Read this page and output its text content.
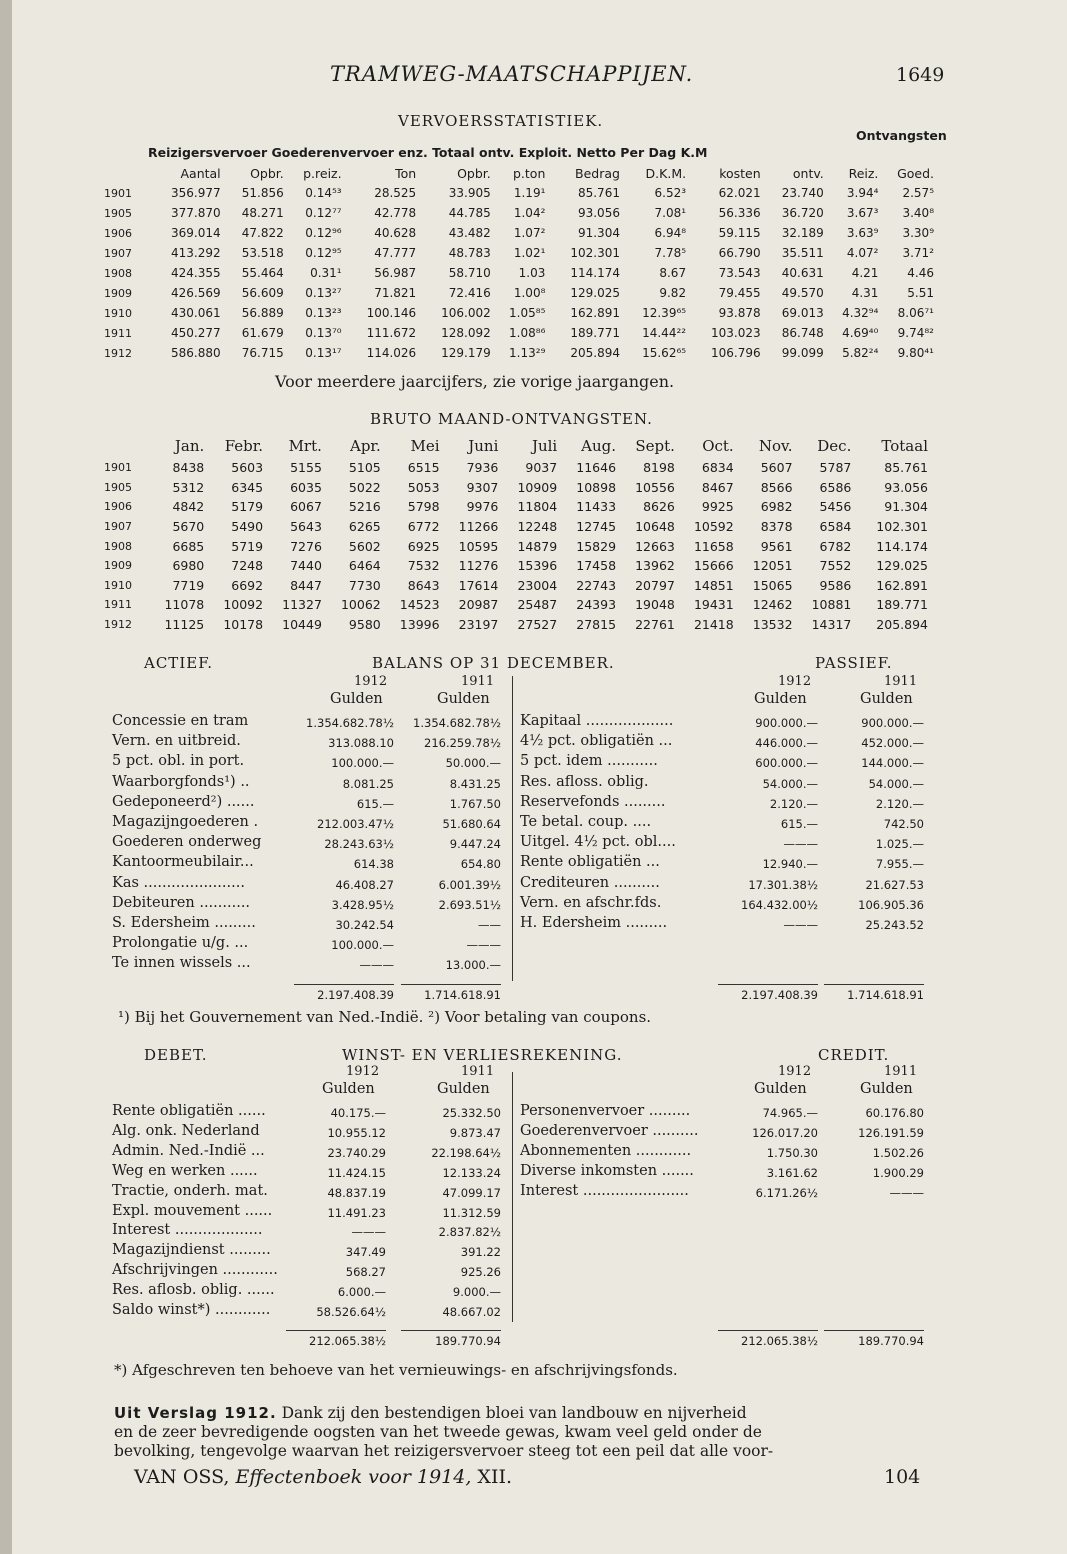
TRAMWEG-MAATSCHAPPIJEN.	1649
VERVOERSSTATISTIEK.
Ontvangsten
Reizigersvervoer Goederenvervoer enz. Totaal ontv. Exploit. Netto Per Dag K.M
	Aantal	Opbr.	p.reiz.	Ton	Opbr.	p.ton	Bedrag	D.K.M.	kosten	ontv.	Reiz.	Goed.
1901	356.977	51.856	0.14⁵³	28.525	33.905	1.19¹	85.761	6.52³	62.021	23.740	3.94⁴	2.57⁵
1905	377.870	48.271	0.12⁷⁷	42.778	44.785	1.04²	93.056	7.08¹	56.336	36.720	3.67³	3.40⁸
1906	369.014	47.822	0.12⁹⁶	40.628	43.482	1.07²	91.304	6.94⁸	59.115	32.189	3.63⁹	3.30⁹
1907	413.292	53.518	0.12⁹⁵	47.777	48.783	1.02¹	102.301	7.78⁵	66.790	35.511	4.07²	3.71²
1908	424.355	55.464	0.31¹	56.987	58.710	1.03	114.174	8.67	73.543	40.631	4.21	4.46
1909	426.569	56.609	0.13²⁷	71.821	72.416	1.00⁸	129.025	9.82	79.455	49.570	4.31	5.51
1910	430.061	56.889	0.13²³	100.146	106.002	1.05⁸⁵	162.891	12.39⁶⁵	93.878	69.013	4.32⁹⁴	8.06⁷¹
1911	450.277	61.679	0.13⁷⁰	111.672	128.092	1.08⁸⁶	189.771	14.44²²	103.023	86.748	4.69⁴⁰	9.74⁸²
1912	586.880	76.715	0.13¹⁷	114.026	129.179	1.13²⁹	205.894	15.62⁶⁵	106.796	99.099	5.82²⁴	9.80⁴¹
Voor meerdere jaarcijfers, zie vorige jaargangen.
BRUTO MAAND-ONTVANGSTEN.
	Jan.	Febr.	Mrt.	Apr.	Mei	Juni	Juli	Aug.	Sept.	Oct.	Nov.	Dec.	Totaal
1901	8438	5603	5155	5105	6515	7936	9037	11646	8198	6834	5607	5787	85.761
1905	5312	6345	6035	5022	5053	9307	10909	10898	10556	8467	8566	6586	93.056
1906	4842	5179	6067	5216	5798	9976	11804	11433	8626	9925	6982	5456	91.304
1907	5670	5490	5643	6265	6772	11266	12248	12745	10648	10592	8378	6584	102.301
1908	6685	5719	7276	5602	6925	10595	14879	15829	12663	11658	9561	6782	114.174
1909	6980	7248	7440	6464	7532	11276	15396	17458	13962	15666	12051	7552	129.025
1910	7719	6692	8447	7730	8643	17614	23004	22743	20797	14851	15065	9586	162.891
1911	11078	10092	11327	10062	14523	20987	25487	24393	19048	19431	12462	10881	189.771
1912	11125	10178	10449	9580	13996	23197	27527	27815	22761	21418	13532	14317	205.894
ACTIEF.	BALANS OP 31 DECEMBER.	PASSIEF.
1912	1911	1912	1911
Gulden	Gulden	Gulden	Gulden
Concessie en tram	1.354.682.78½	1.354.682.78½
Vern. en uitbreid.	313.088.10	216.259.78½
5 pct. obl. in port.	100.000.—	50.000.—
Waarborgfonds¹) ..	8.081.25	8.431.25
Gedeponeerd²) ......	615.—	1.767.50
Magazijngoederen .	212.003.47½	51.680.64
Goederen onderweg	28.243.63½	9.447.24
Kantoormeubilair...	614.38	654.80
Kas ......................	46.408.27	6.001.39½
Debiteuren ...........	3.428.95½	2.693.51½
S. Edersheim .........	30.242.54	——
Prolongatie u/g. ...	100.000.—	———
Te innen wissels ...	———	13.000.—
Kapitaal ...................	900.000.—	900.000.—
4½ pct. obligatiën ...	446.000.—	452.000.—
5 pct. idem ...........	600.000.—	144.000.—
Res. afloss. oblig.	54.000.—	54.000.—
Reservefonds .........	2.120.—	2.120.—
Te betal. coup. ....	615.—	742.50
Uitgel. 4½ pct. obl....	———	1.025.—
Rente obligatiën ...	12.940.—	7.955.—
Crediteuren ..........	17.301.38½	21.627.53
Vern. en afschr.fds.	164.432.00½	106.905.36
H. Edersheim .........	———	25.243.52
2.197.408.39	1.714.618.91	2.197.408.39	1.714.618.91
¹) Bij het Gouvernement van Ned.-Indië. ²) Voor betaling van coupons.
DEBET.	WINST- EN VERLIESREKENING.	CREDIT.
1912	1911	1912	1911
Gulden	Gulden	Gulden	Gulden
Rente obligatiën ......	40.175.—	25.332.50
Alg. onk. Nederland	10.955.12	9.873.47
Admin. Ned.-Indië ...	23.740.29	22.198.64½
Weg en werken ......	11.424.15	12.133.24
Tractie, onderh. mat.	48.837.19	47.099.17
Expl. mouvement ......	11.491.23	11.312.59
Interest ...................	———	2.837.82½
Magazijndienst .........	347.49	391.22
Afschrijvingen ............	568.27	925.26
Res. aflosb. oblig. ......	6.000.—	9.000.—
Saldo winst*) ............	58.526.64½	48.667.02
Personenvervoer .........	74.965.—	60.176.80
Goederenvervoer ..........	126.017.20	126.191.59
Abonnementen ............	1.750.30	1.502.26
Diverse inkomsten .......	3.161.62	1.900.29
Interest .......................	6.171.26½	———
212.065.38½	189.770.94	212.065.38½	189.770.94
*) Afgeschreven ten behoeve van het vernieuwings- en afschrijvingsfonds.
Uit Verslag 1912. Dank zij den bestendigen bloei van landbouw en nijverheid
en de zeer bevredigende oogsten van het tweede gewas, kwam veel geld onder de
bevolking, tengevolge waarvan het reizigersvervoer steeg tot een peil dat alle voor-
VAN OSS, Effectenboek voor 1914, XII.	104
